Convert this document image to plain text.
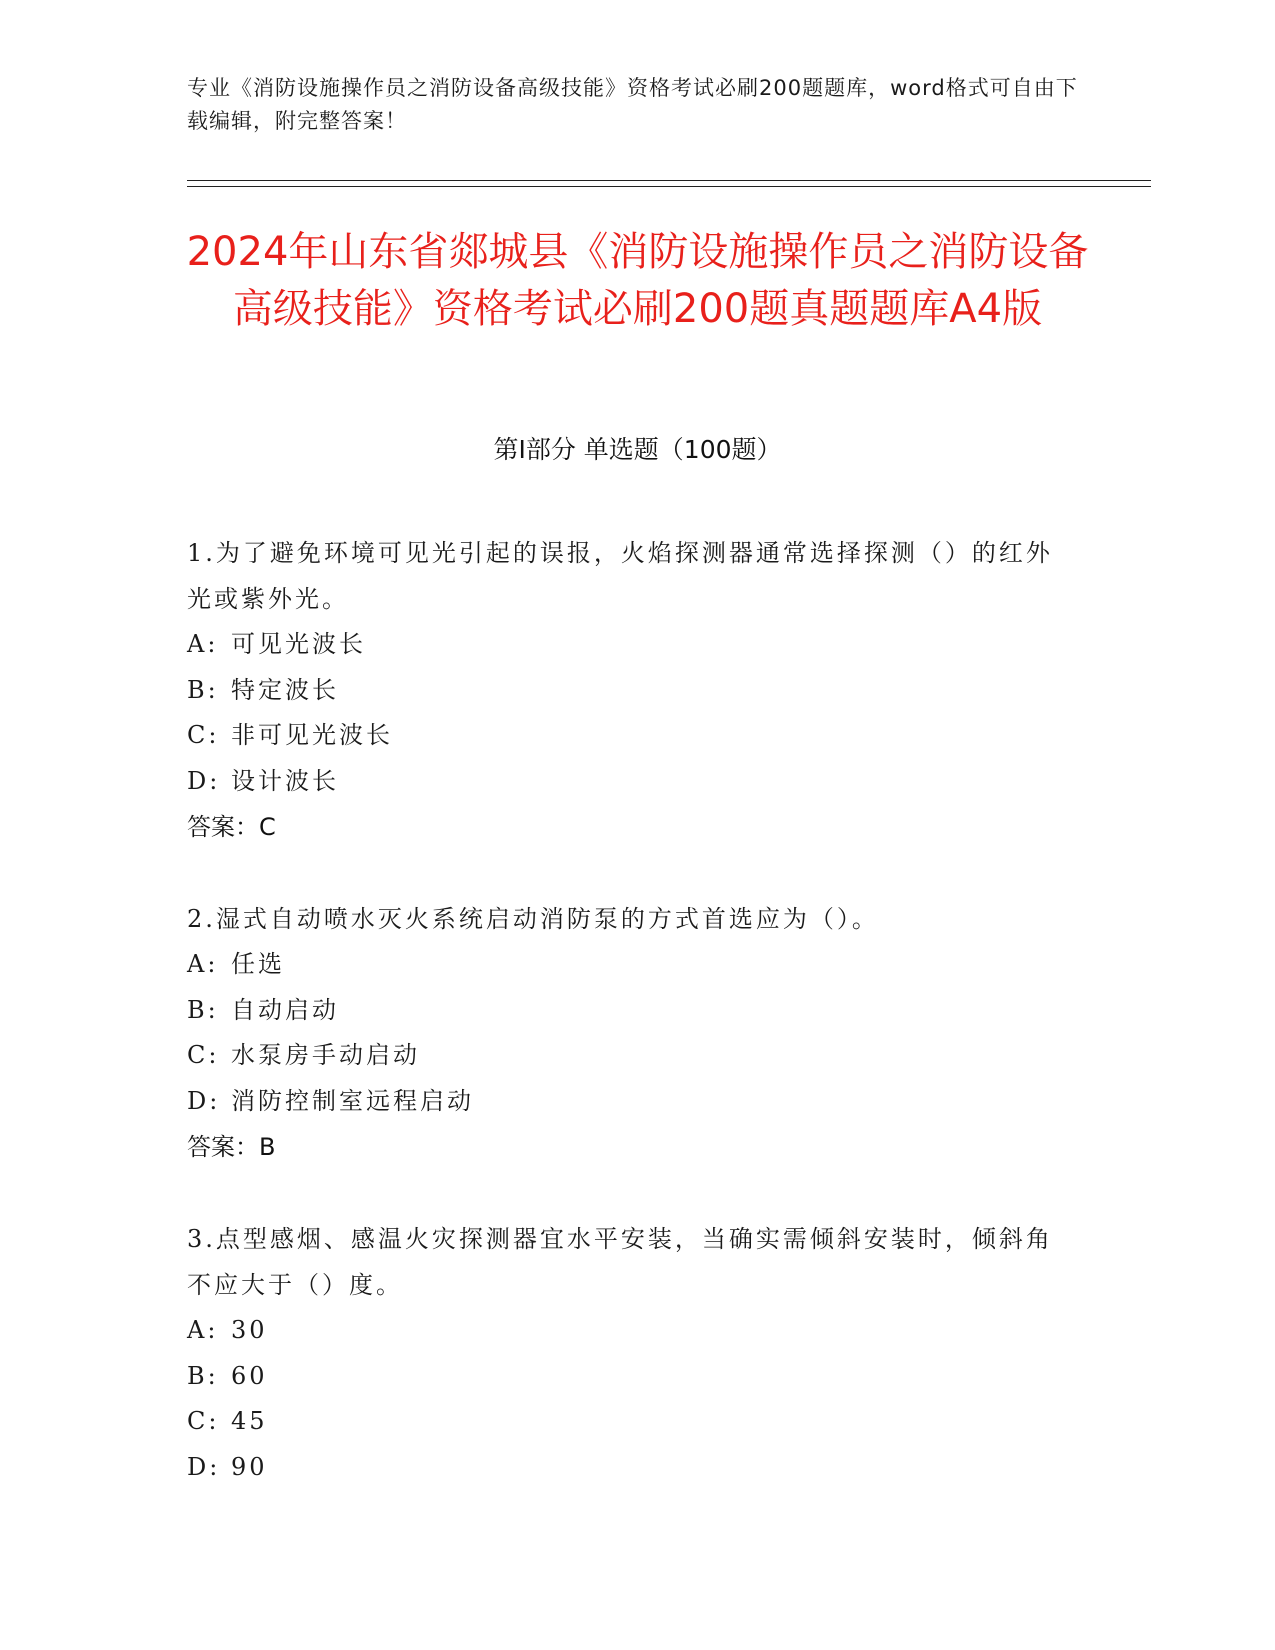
专业《消防设施操作员之消防设备高级技能》资格考试必刷200题题库，word格式可自由下载编辑，附完整答案！
2024年山东省郯城县《消防设施操作员之消防设备高级技能》资格考试必刷200题真题题库A4版
第I部分 单选题（100题）
1.为了避免环境可见光引起的误报，火焰探测器通常选择探测（）的红外光或紫外光。
A: 可见光波长
B: 特定波长
C: 非可见光波长
D: 设计波长
答案：C
2.湿式自动喷水灭火系统启动消防泵的方式首选应为（）。
A: 任选
B: 自动启动
C: 水泵房手动启动
D: 消防控制室远程启动
答案：B
3.点型感烟、感温火灾探测器宜水平安装，当确实需倾斜安装时，倾斜角不应大于（）度。
A: 30
B: 60
C: 45
D: 90
